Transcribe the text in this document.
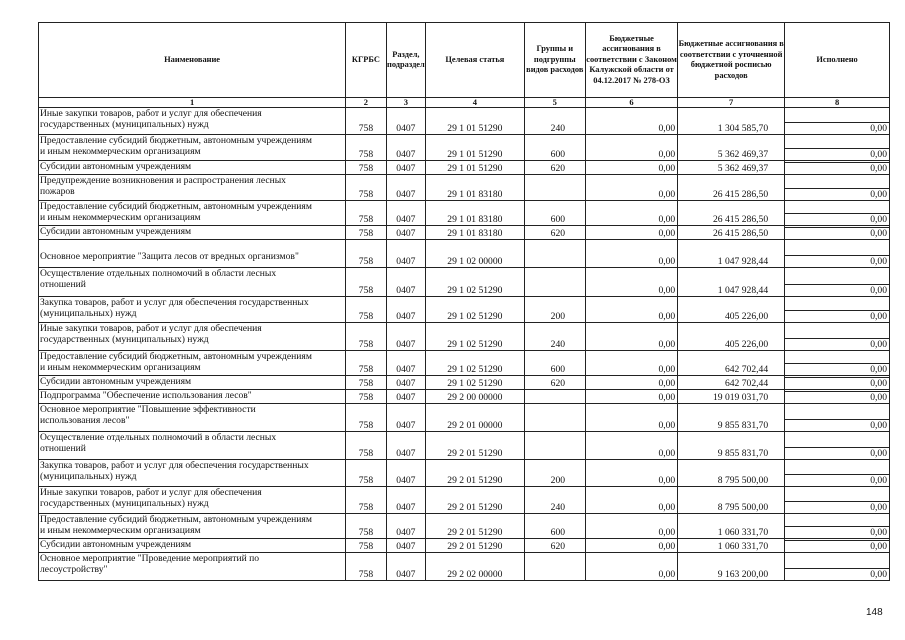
Наименование	КГРБС	Раздел, подраздел	Целевая статья	Группы и подгруппы видов расходов	Бюджетные ассигнования в соответствии с Законом Калужской области от 04.12.2017 № 278-ОЗ	Бюджетные ассигнования в соответствии с уточненной бюджетной росписью расходов	Исполнено
1	2	3	4	5	6	7	8

Иные закупки товаров, работ и услуг для обеспечения
государственных (муниципальных) нужд	758	0407	29 1 01 51290	240	0,00	1 304 585,70	0,00

Предоставление субсидий бюджетным, автономным учреждениям
и иным некоммерческим организациям	758	0407	29 1 01 51290	600	0,00	5 362 469,37	0,00

Субсидии автономным учреждениям	758	0407	29 1 01 51290	620	0,00	5 362 469,37	0,00

Предупреждение возникновения и распространения лесных
пожаров	758	0407	29 1 01 83180		0,00	26 415 286,50	0,00

Предоставление субсидий бюджетным, автономным учреждениям
и иным некоммерческим организациям	758	0407	29 1 01 83180	600	0,00	26 415 286,50	0,00

Субсидии автономным учреждениям	758	0407	29 1 01 83180	620	0,00	26 415 286,50	0,00

Основное мероприятие "Защита лесов от вредных организмов"	758	0407	29 1 02 00000		0,00	1 047 928,44	0,00

Осуществление отдельных полномочий в области лесных
отношений	758	0407	29 1 02 51290		0,00	1 047 928,44	0,00

Закупка товаров, работ и услуг для обеспечения государственных
(муниципальных) нужд	758	0407	29 1 02 51290	200	0,00	405 226,00	0,00

Иные закупки товаров, работ и услуг для обеспечения
государственных (муниципальных) нужд	758	0407	29 1 02 51290	240	0,00	405 226,00	0,00

Предоставление субсидий бюджетным, автономным учреждениям
и иным некоммерческим организациям	758	0407	29 1 02 51290	600	0,00	642 702,44	0,00

Субсидии автономным учреждениям	758	0407	29 1 02 51290	620	0,00	642 702,44	0,00

Подпрограмма "Обеспечение использования лесов"	758	0407	29 2 00 00000		0,00	19 019 031,70	0,00

Основное мероприятие "Повышение эффективности
использования лесов"	758	0407	29 2 01 00000		0,00	9 855 831,70	0,00

Осуществление отдельных полномочий в области лесных
отношений	758	0407	29 2 01 51290		0,00	9 855 831,70	0,00

Закупка товаров, работ и услуг для обеспечения государственных
(муниципальных) нужд	758	0407	29 2 01 51290	200	0,00	8 795 500,00	0,00

Иные закупки товаров, работ и услуг для обеспечения
государственных (муниципальных) нужд	758	0407	29 2 01 51290	240	0,00	8 795 500,00	0,00

Предоставление субсидий бюджетным, автономным учреждениям
и иным некоммерческим организациям	758	0407	29 2 01 51290	600	0,00	1 060 331,70	0,00

Субсидии автономным учреждениям	758	0407	29 2 01 51290	620	0,00	1 060 331,70	0,00

Основное мероприятие "Проведение мероприятий по
лесоустройству"	758	0407	29 2 02 00000		0,00	9 163 200,00	0,00
148
